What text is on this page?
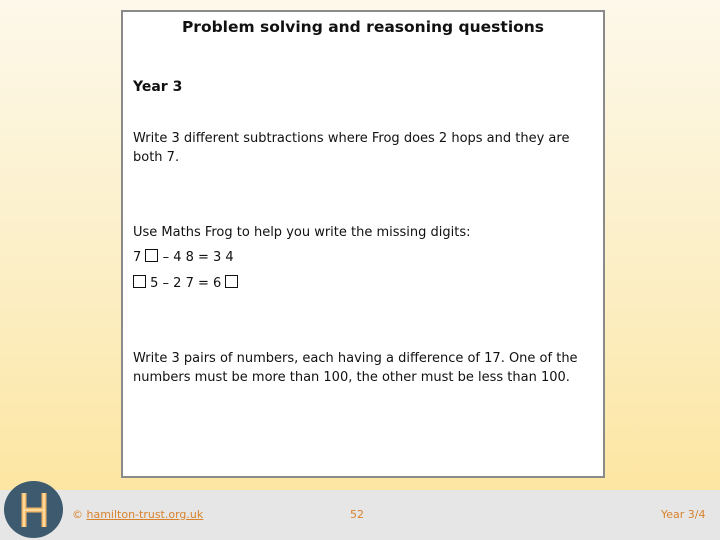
Problem solving and reasoning questions
Year 3
Write 3 different subtractions where Frog does 2 hops and they are both 7.
Use Maths Frog to help you write the missing digits:
7 – 4 8 = 3 4
5 – 2 7 = 6
Write 3 pairs of numbers, each having a difference of 17. One of the numbers must be more than 100, the other must be less than 100.
© hamilton-trust.org.uk	52	Year 3/4
